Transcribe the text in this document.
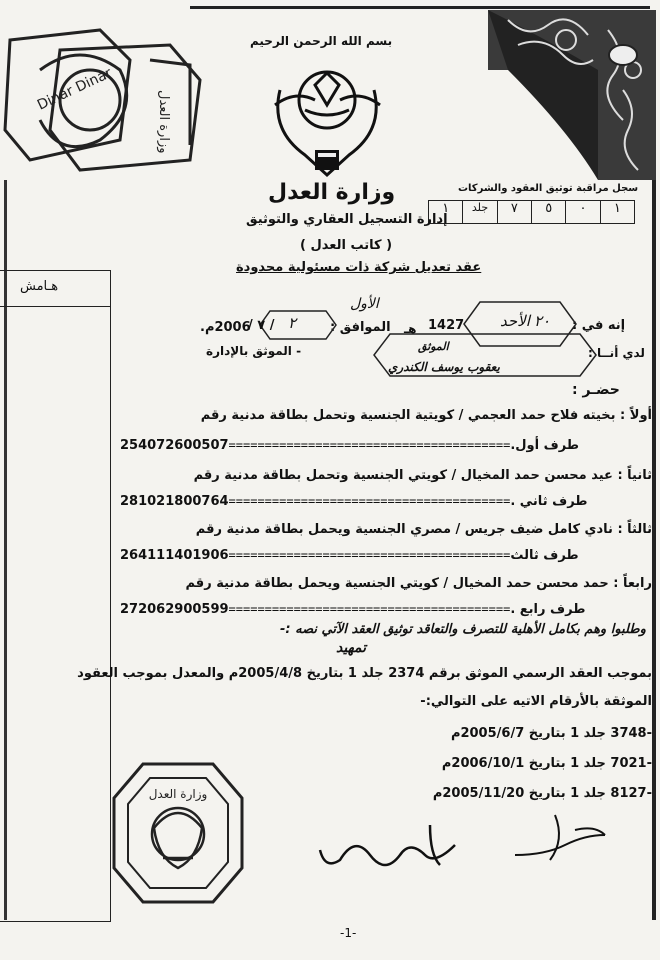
Dinar Dinar
وزارة العدل
بسم الله الرحمن الرحيم
سجل مراقبة توثيق العقود والشركات
١
٠
٥
٧
جلد
١
وزارة العدل
إدارة التسجيل العقاري والتوثيق
( كاتب العدل )
عقد تعديل شركة ذات مسئولية محدودة
هـامش
إنه في :
الأحد ٢٠
1427
هـ
الموافق :
الأول
٢
/ ٧ /
2006م.
لدي أنــا :
الموثق
يعقوب يوسف الكندري
- الموثق بالإدارة
حضـر :
أولاً : بخيته فلاح حمد العجمي / كويتية الجنسية وتحمل بطاقة مدنية رقم
طرف أول.=======================================254072600507
ثانياً : عيد محسن حمد المخيال / كويتي الجنسية وتحمل بطاقة مدنية رقم
طرف ثاني .=======================================281021800764
ثالثاً : نادي كامل ضيف جريس / مصري الجنسية ويحمل بطاقة مدنية رقم
طرف ثالث=======================================264111401906
رابعاً : حمد محسن حمد المخيال / كويتي الجنسية ويحمل بطاقة مدنية رقم
طرف رابع .=======================================272062900599
وطلبوا وهم بكامل الأهلية للتصرف والتعاقد توثيق العقد الآتي نصه :-
تمهيد
بموجب العقد الرسمي الموثق برقم 2374 جلد 1 بتاريخ 2005/4/8م والمعدل بموجب العقود
الموثقة بالأرقام الاتيه على التوالي:-
-3748 جلد 1 بتاريخ 2005/6/7م
-7021 جلد 1 بتاريخ 2006/10/1م
-8127 جلد 1 بتاريخ 2005/11/20م
وزارة العدل
-1-
